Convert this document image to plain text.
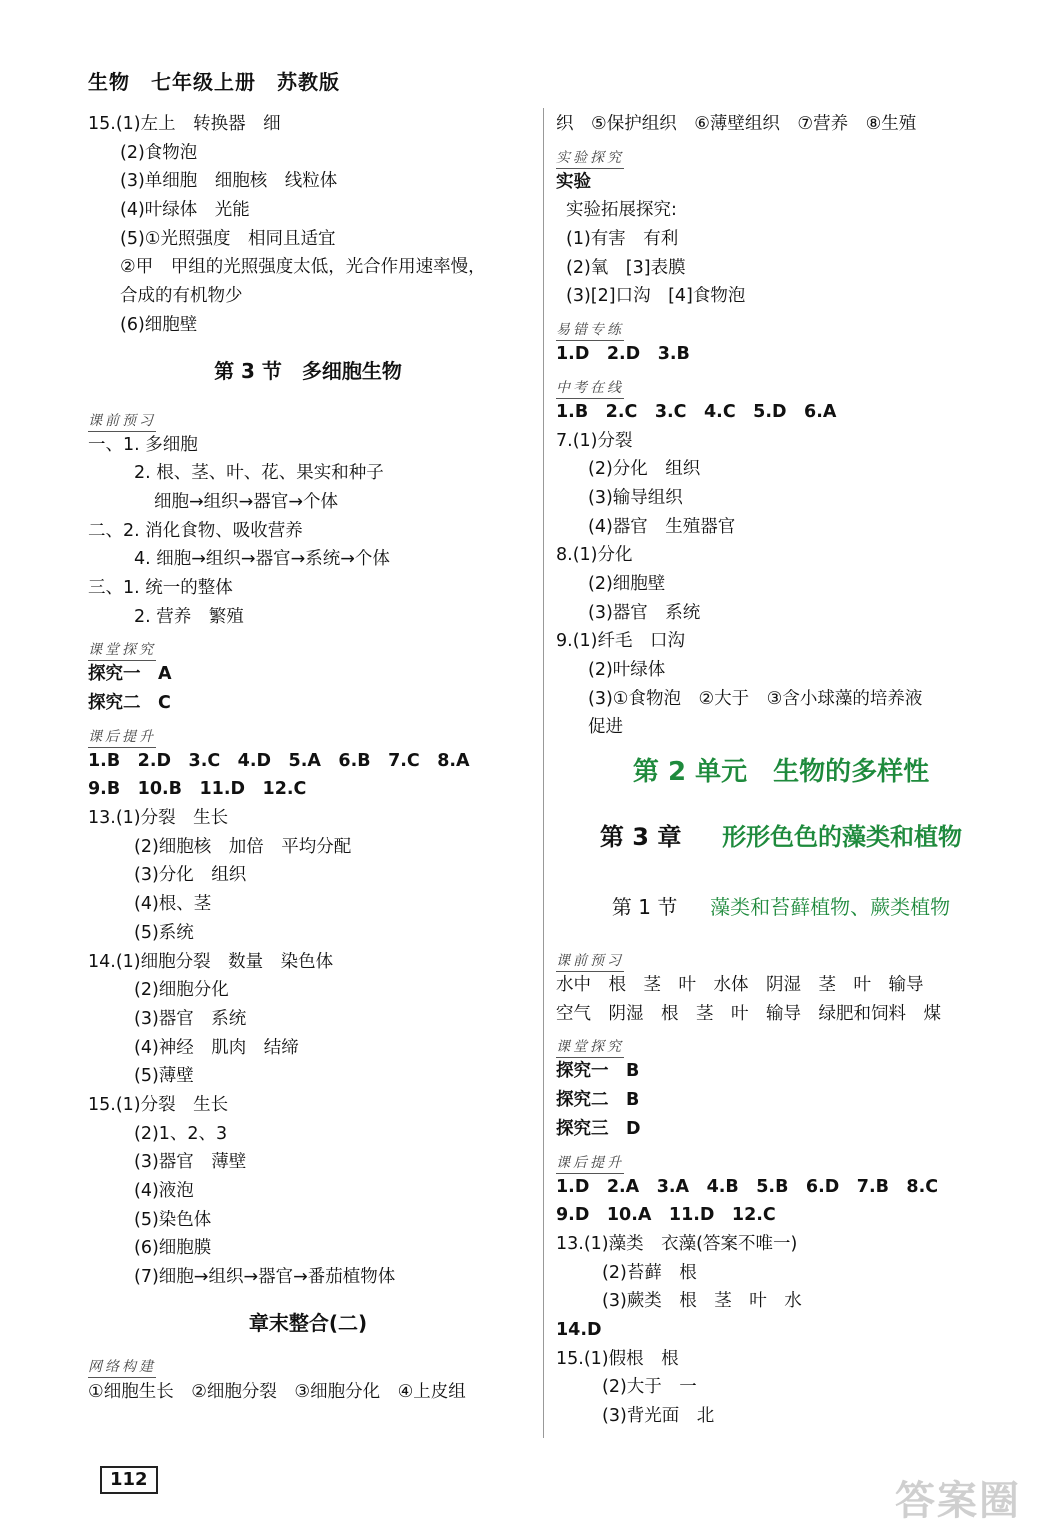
生物　七年级上册　苏教版
15.(1)左上　转换器　细
(2)食物泡
(3)单细胞　细胞核　线粒体
(4)叶绿体　光能
(5)①光照强度　相同且适宜
②甲　甲组的光照强度太低，光合作用速率慢，
合成的有机物少
(6)细胞壁
第 3 节　多细胞生物
课前预习
一、1. 多细胞
2. 根、茎、叶、花、果实和种子
细胞→组织→器官→个体
二、2. 消化食物、吸收营养
4. 细胞→组织→器官→系统→个体
三、1. 统一的整体
2. 营养　繁殖
课堂探究
探究一　A
探究二　C
课后提升
1.B　2.D　3.C　4.D　5.A　6.B　7.C　8.A
9.B　10.B　11.D　12.C
13.(1)分裂　生长
(2)细胞核　加倍　平均分配
(3)分化　组织
(4)根、茎
(5)系统
14.(1)细胞分裂　数量　染色体
(2)细胞分化
(3)器官　系统
(4)神经　肌肉　结缔
(5)薄壁
15.(1)分裂　生长
(2)1、2、3
(3)器官　薄壁
(4)液泡
(5)染色体
(6)细胞膜
(7)细胞→组织→器官→番茄植物体
章末整合(二)
网络构建
①细胞生长　②细胞分裂　③细胞分化　④上皮组
织　⑤保护组织　⑥薄壁组织　⑦营养　⑧生殖
实验探究
实验
实验拓展探究:
(1)有害　有利
(2)氧　[3]表膜
(3)[2]口沟　[4]食物泡
易错专练
1.D　2.D　3.B
中考在线
1.B　2.C　3.C　4.C　5.D　6.A
7.(1)分裂
(2)分化　组织
(3)输导组织
(4)器官　生殖器官
8.(1)分化
(2)细胞壁
(3)器官　系统
9.(1)纤毛　口沟
(2)叶绿体
(3)①食物泡　②大于　③含小球藻的培养液
促进
第 2 单元　生物的多样性
第 3 章 　 形形色色的藻类和植物
第 1 节 　 藻类和苔藓植物、蕨类植物
课前预习
水中　根　茎　叶　水体　阴湿　茎　叶　输导
空气　阴湿　根　茎　叶　输导　绿肥和饲料　煤
课堂探究
探究一　B
探究二　B
探究三　D
课后提升
1.D　2.A　3.A　4.B　5.B　6.D　7.B　8.C
9.D　10.A　11.D　12.C
13.(1)藻类　衣藻(答案不唯一)
(2)苔藓　根
(3)蕨类　根　茎　叶　水
14.D
15.(1)假根　根
(2)大于　一
(3)背光面　北
112	答案圈
